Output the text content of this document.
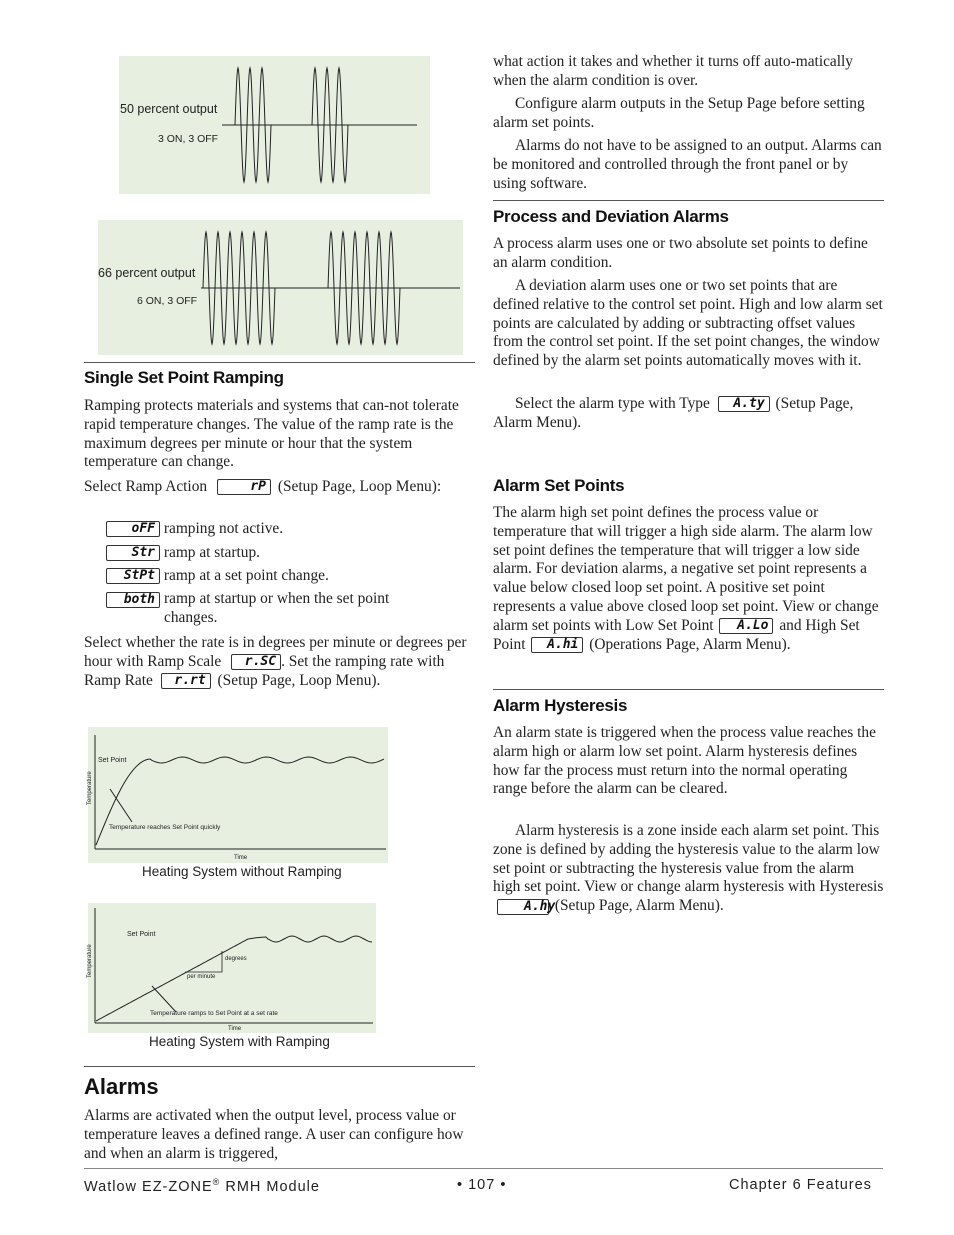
50 percent output
3 ON, 3 OFF
66 percent output
6 ON, 3 OFF
Single Set Point Ramping

Ramping protects materials and systems that can-not tolerate rapid temperature changes. The value of the ramp rate is the maximum degrees per minute or hour that the system temperature can change.

Select Ramp Action	rP (Setup Page, Loop Menu):

oFF ramping not active.
Str ramp at startup.
StPt ramp at a set point change.
both ramp at startup or when the set point changes.

Select whether the rate is in degrees per minute or degrees per hour with Ramp Scale r.SC . Set the ramping rate with Ramp Rate r.rt (Setup Page, Loop Menu).

Set Point
Temperature reaches Set Point quickly
Time
Temperature
Heating System without Ramping
Set Point
degrees
per minute
Temperature ramps to Set Point at a set rate
Time
Temperature
Heating System with Ramping
Alarms

Alarms are activated when the output level, process value or temperature leaves a defined range. A user can configure how and when an alarm is triggered,

what action it takes and whether it turns off auto-matically when the alarm condition is over.

Configure alarm outputs in the Setup Page before setting alarm set points.

Alarms do not have to be assigned to an output. Alarms can be monitored and controlled through the front panel or by using software.

Process and Deviation Alarms

A process alarm uses one or two absolute set points to define an alarm condition.

A deviation alarm uses one or two set points that are defined relative to the control set point. High and low alarm set points are calculated by adding or subtracting offset values from the control set point. If the set point changes, the window defined by the alarm set points automatically moves with it.

Select the alarm type with Type A.ty (Setup Page, Alarm Menu).

Alarm Set Points

The alarm high set point defines the process value or temperature that will trigger a high side alarm. The alarm low set point defines the temperature that will trigger a low side alarm. For deviation alarms, a negative set point represents a value below closed loop set point. A positive set point represents a value above closed loop set point. View or change alarm set points with Low Set Point A.Lo and High Set Point A.hi (Operations Page, Alarm Menu).

Alarm Hysteresis

An alarm state is triggered when the process value reaches the alarm high or alarm low set point. Alarm hysteresis defines how far the process must return into the normal operating range before the alarm can be cleared.

Alarm hysteresis is a zone inside each alarm set point. This zone is defined by adding the hysteresis value to the alarm low set point or subtracting the hysteresis value from the alarm high set point. View or change alarm hysteresis with Hysteresis A.hy (Setup Page, Alarm Menu).

Watlow EZ-ZONE® RMH Module	• 107 •	Chapter 6 Features
